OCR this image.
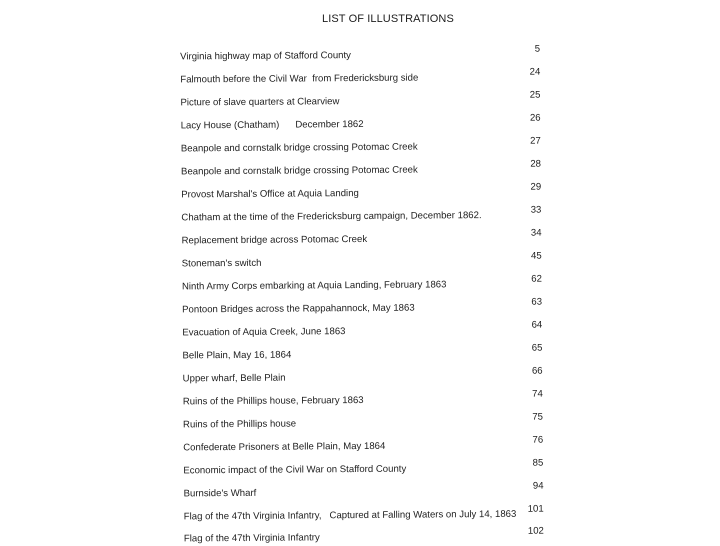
LIST OF ILLUSTRATIONS
Virginia highway map of Stafford County
5
Falmouth before the Civil War  from Fredericksburg side
24
Picture of slave quarters at Clearview
25
Lacy House (Chatham)      December 1862
26
Beanpole and cornstalk bridge crossing Potomac Creek
27
Beanpole and cornstalk bridge crossing Potomac Creek
28
Provost Marshal's Office at Aquia Landing
29
Chatham at the time of the Fredericksburg campaign, December 1862.	33
Replacement bridge across Potomac Creek
34
Stoneman's switch
45
Ninth Army Corps embarking at Aquia Landing, February 1863
62
Pontoon Bridges across the Rappahannock, May 1863
63
Evacuation of Aquia Creek, June 1863
64
Belle Plain, May 16, 1864
65
Upper wharf, Belle Plain
66
Ruins of the Phillips house, February 1863
74
Ruins of the Phillips house
75
Confederate Prisoners at Belle Plain, May 1864
76
Economic impact of the Civil War on Stafford County
85
Burnside's Wharf
94
Flag of the 47th Virginia Infantry,   Captured at Falling Waters on July 14, 1863	101
Flag of the 47th Virginia Infantry
102
